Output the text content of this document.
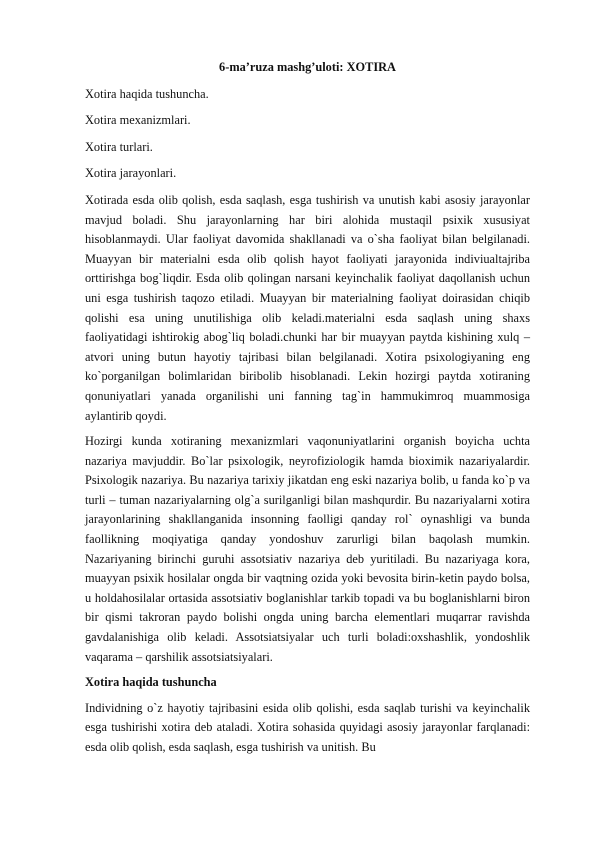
6-ma’ruza mashg’uloti: XOTIRA
Xotira haqida tushuncha.
Xotira mexanizmlari.
Xotira turlari.
Xotira jarayonlari.

Xotirada esda olib qolish, esda saqlash, esga tushirish va unutish kabi asosiy jarayonlar mavjud boladi. Shu jarayonlarning har biri alohida mustaqil psixik xususiyat hisoblanmaydi. Ular faoliyat davomida shakllanadi va o`sha faoliyat bilan belgilanadi. Muayyan bir materialni esda olib qolish hayot faoliyati jarayonida indiviualtajriba orttirishga bog`liqdir. Esda olib qolingan narsani keyinchalik faoliyat daqollanish uchun uni esga tushirish taqozo etiladi. Muayyan bir materialning faoliyat doirasidan chiqib qolishi esa uning unutilishiga olib keladi.materialni esda saqlash uning shaxs faoliyatidagi ishtirokig abog`liq boladi.chunki har bir muayyan paytda kishining xulq – atvori uning butun hayotiy tajribasi bilan belgilanadi. Xotira psixologiyaning eng ko`porganilgan bolimlaridan biribolib hisoblanadi. Lekin hozirgi paytda xotiraning qonuniyatlari yanada organilishi uni fanning tag`in hammukimroq muammosiga aylantirib qoydi.

Hozirgi kunda xotiraning mexanizmlari vaqonuniyatlarini organish boyicha uchta nazariya mavjuddir. Bo`lar psixologik, neyrofiziologik hamda bioximik nazariyalardir. Psixologik nazariya. Bu nazariya tarixiy jikatdan eng eski nazariya bolib, u fanda ko`p va turli – tuman nazariyalarning olg`a surilganligi bilan mashqurdir. Bu nazariyalarni xotira jarayonlarining shakllanganida insonning faolligi qanday rol` oynashligi va bunda faollikning moqiyatiga qanday yondoshuv zarurligi bilan baqolash mumkin. Nazariyaning birinchi guruhi assotsiativ nazariya deb yuritiladi. Bu nazariyaga kora, muayyan psixik hosilalar ongda bir vaqtning ozida yoki bevosita birin-ketin paydo bolsa, u holdahosilalar ortasida assotsiativ boglanishlar tarkib topadi va bu boglanishlarni biron bir qismi takroran paydo bolishi ongda uning barcha elementlari muqarrar ravishda gavdalanishiga olib keladi. Assotsiatsiyalar uch turli boladi:oxshashlik, yondoshlik vaqarama – qarshilik assotsiatsiyalari.

Xotira haqida tushuncha

Individning o`z hayotiy tajribasini esida olib qolishi, esda saqlab turishi va keyinchalik esga tushirishi xotira deb ataladi. Xotira sohasida quyidagi asosiy jarayonlar farqlanadi: esda olib qolish, esda saqlash, esga tushirish va unitish. Bu
